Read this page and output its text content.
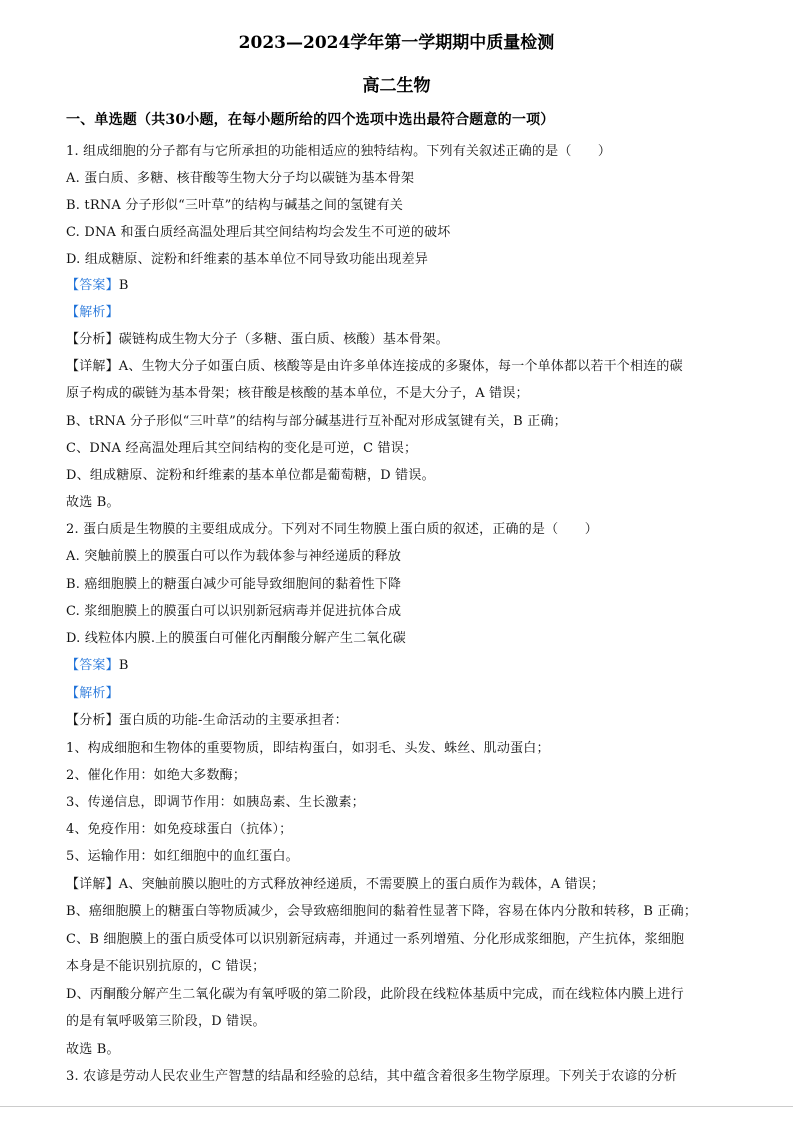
2023—2024学年第一学期期中质量检测
高二生物
一、单选题（共30小题，在每小题所给的四个选项中选出最符合题意的一项）
1. 组成细胞的分子都有与它所承担的功能相适应的独特结构。下列有关叙述正确的是（　　）
A. 蛋白质、多糖、核苷酸等生物大分子均以碳链为基本骨架
B. tRNA 分子形似“三叶草”的结构与碱基之间的氢键有关
C. DNA 和蛋白质经高温处理后其空间结构均会发生不可逆的破坏
D. 组成糖原、淀粉和纤维素的基本单位不同导致功能出现差异
【答案】B
【解析】
【分析】碳链构成生物大分子（多糖、蛋白质、核酸）基本骨架。
【详解】A、生物大分子如蛋白质、核酸等是由许多单体连接成的多聚体，每一个单体都以若干个相连的碳
原子构成的碳链为基本骨架；核苷酸是核酸的基本单位，不是大分子，A 错误；
B、tRNA 分子形似“三叶草”的结构与部分碱基进行互补配对形成氢键有关，B 正确；
C、DNA 经高温处理后其空间结构的变化是可逆，C 错误；
D、组成糖原、淀粉和纤维素的基本单位都是葡萄糖，D 错误。
故选 B。
2. 蛋白质是生物膜的主要组成成分。下列对不同生物膜上蛋白质的叙述，正确的是（　　）
A. 突触前膜上的膜蛋白可以作为载体参与神经递质的释放
B. 癌细胞膜上的糖蛋白减少可能导致细胞间的黏着性下降
C. 浆细胞膜上的膜蛋白可以识别新冠病毒并促进抗体合成
D. 线粒体内膜.上的膜蛋白可催化丙酮酸分解产生二氧化碳
【答案】B
【解析】
【分析】蛋白质的功能-生命活动的主要承担者：
1、构成细胞和生物体的重要物质，即结构蛋白，如羽毛、头发、蛛丝、肌动蛋白；
2、催化作用：如绝大多数酶；
3、传递信息，即调节作用：如胰岛素、生长激素；
4、免疫作用：如免疫球蛋白（抗体）；
5、运输作用：如红细胞中的血红蛋白。
【详解】A、突触前膜以胞吐的方式释放神经递质，不需要膜上的蛋白质作为载体，A 错误；
B、癌细胞膜上的糖蛋白等物质减少，会导致癌细胞间的黏着性显著下降，容易在体内分散和转移，B 正确；
C、B 细胞膜上的蛋白质受体可以识别新冠病毒，并通过一系列增殖、分化形成浆细胞，产生抗体，浆细胞
本身是不能识别抗原的，C 错误；
D、丙酮酸分解产生二氧化碳为有氧呼吸的第二阶段，此阶段在线粒体基质中完成，而在线粒体内膜上进行
的是有氧呼吸第三阶段，D 错误。
故选 B。
3. 农谚是劳动人民农业生产智慧的结晶和经验的总结，其中蕴含着很多生物学原理。下列关于农谚的分析
